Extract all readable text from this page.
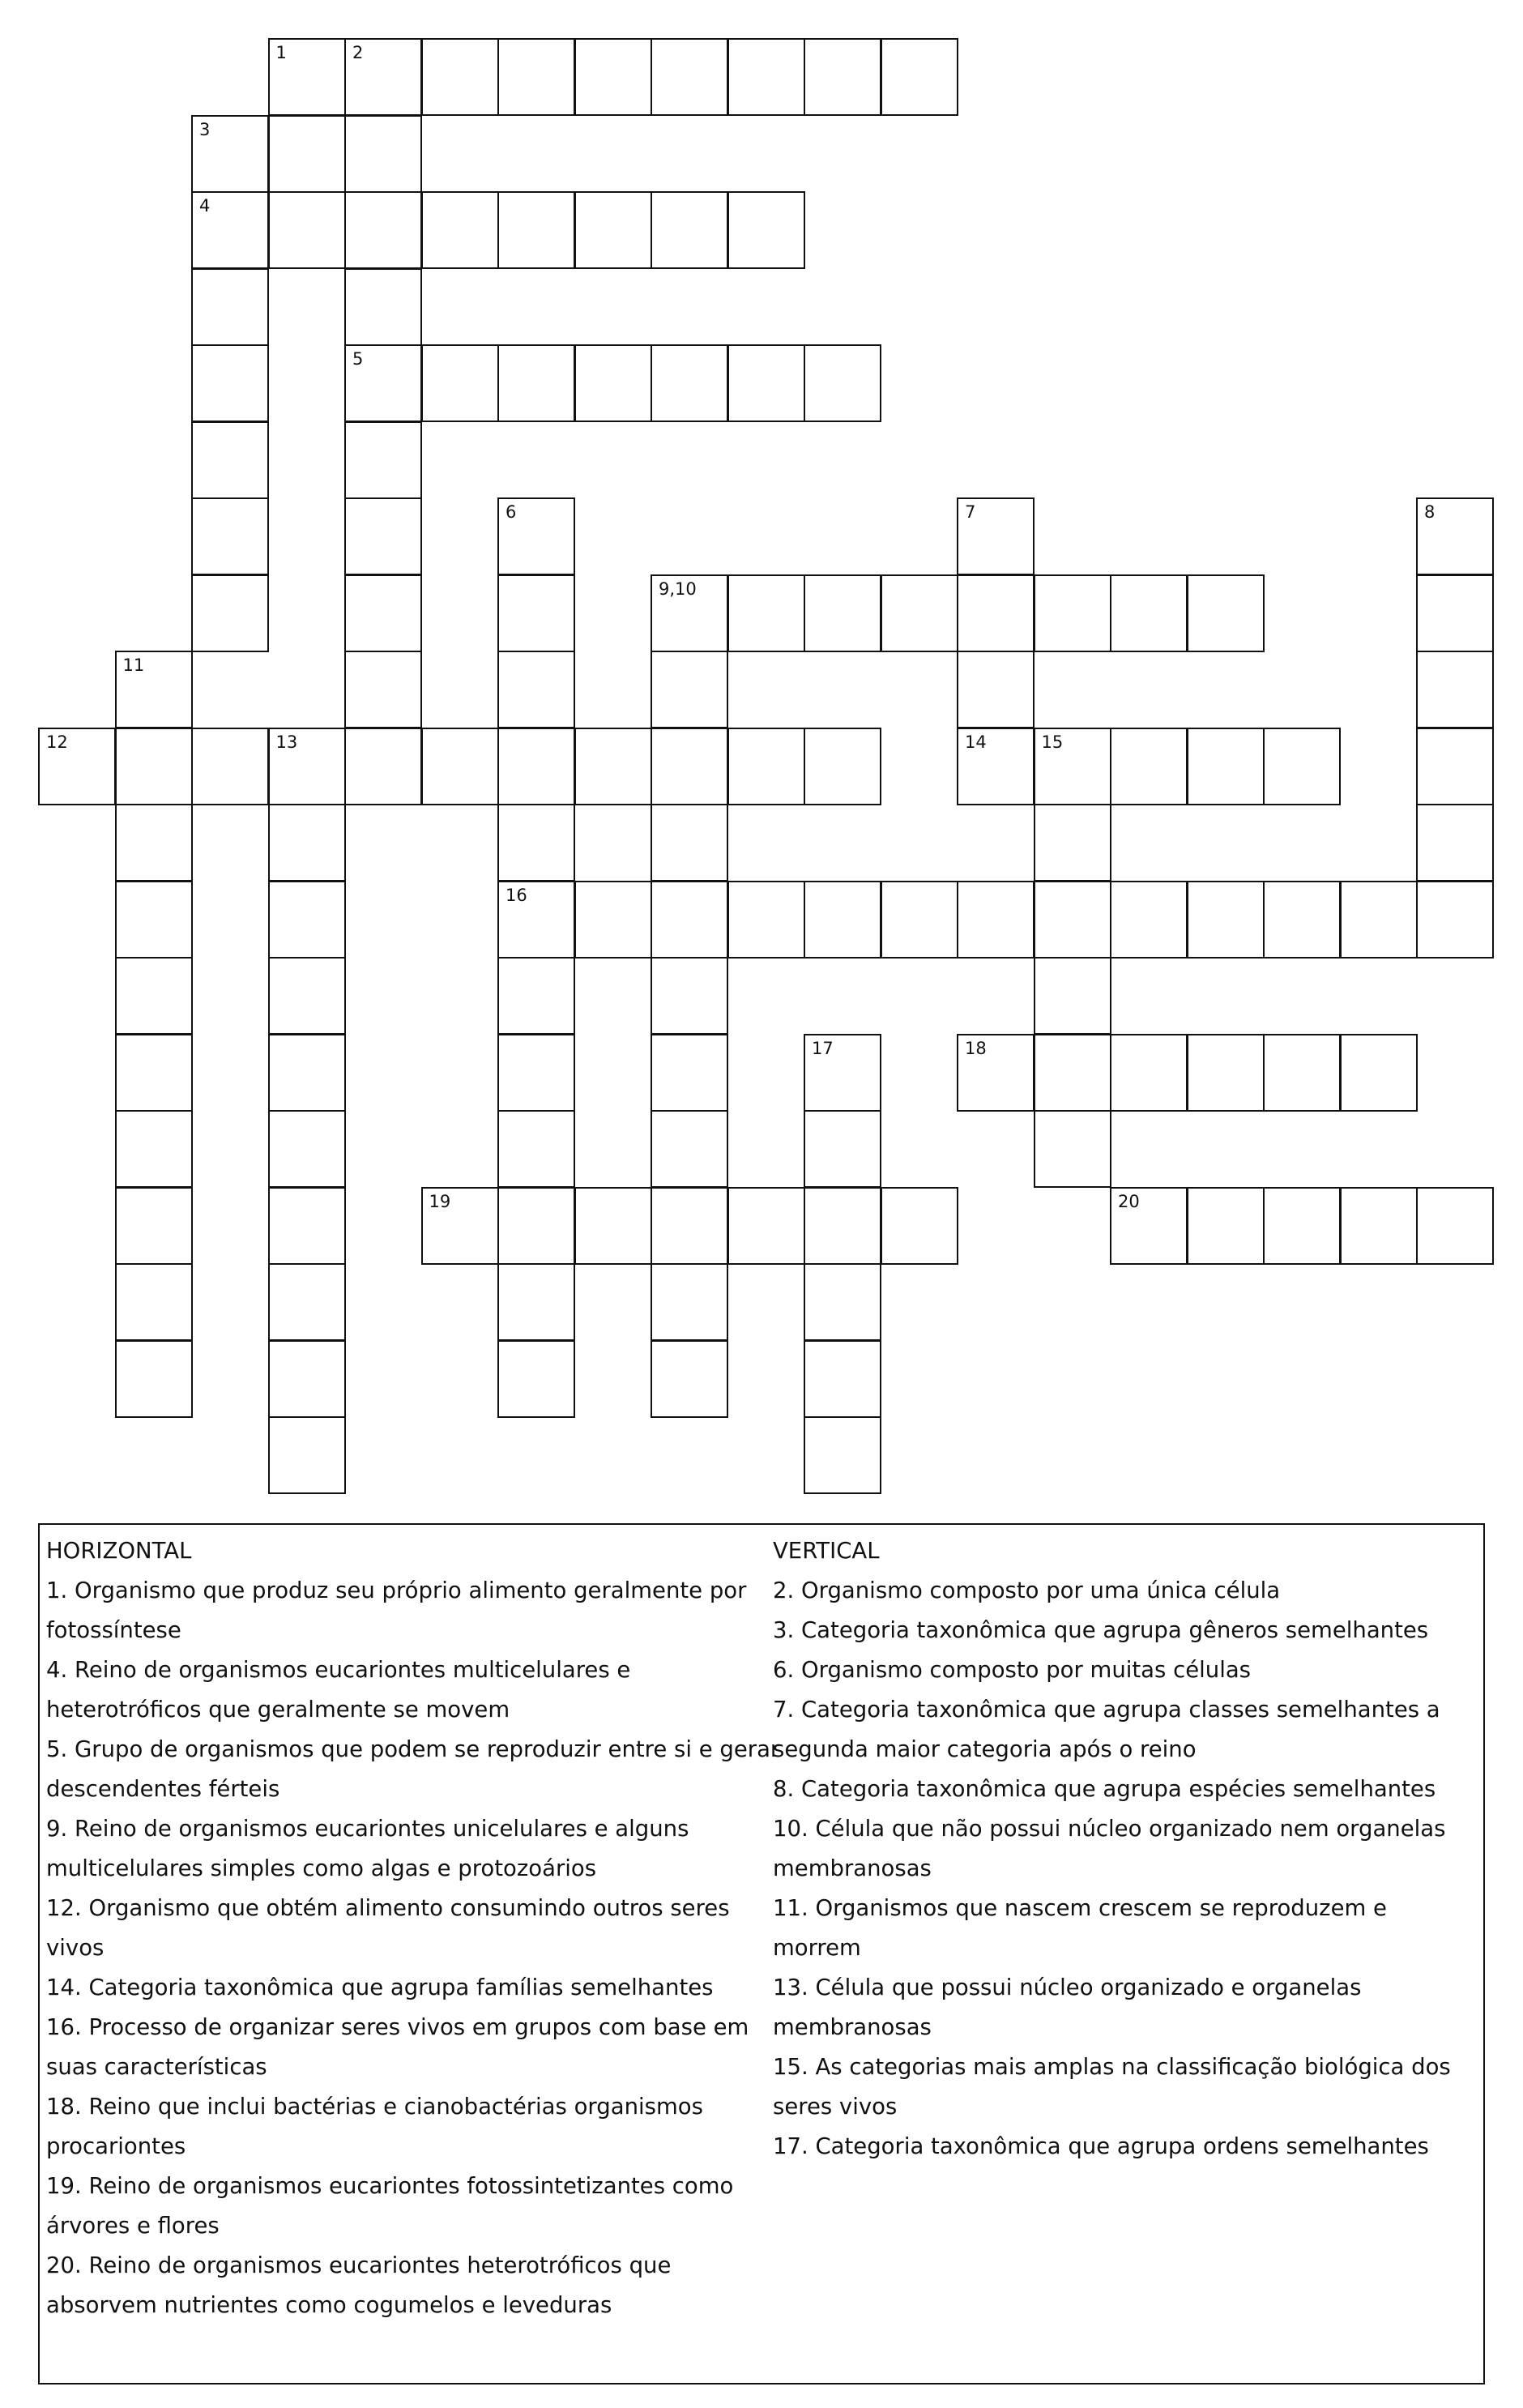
1	2
3
4
5
6	7	8
9,10
11
12	13	14	15
16
17	18
19	20
HORIZONTAL
1. Organismo que produz seu próprio alimento geralmente por
fotossíntese
4. Reino de organismos eucariontes multicelulares e
heterotróficos que geralmente se movem
5. Grupo de organismos que podem se reproduzir entre si e gerar
descendentes férteis
9. Reino de organismos eucariontes unicelulares e alguns
multicelulares simples como algas e protozoários
12. Organismo que obtém alimento consumindo outros seres
vivos
14. Categoria taxonômica que agrupa famílias semelhantes
16. Processo de organizar seres vivos em grupos com base em
suas características
18. Reino que inclui bactérias e cianobactérias organismos
procariontes
19. Reino de organismos eucariontes fotossintetizantes como
árvores e flores
20. Reino de organismos eucariontes heterotróficos que
absorvem nutrientes como cogumelos e leveduras
VERTICAL
2. Organismo composto por uma única célula
3. Categoria taxonômica que agrupa gêneros semelhantes
6. Organismo composto por muitas células
7. Categoria taxonômica que agrupa classes semelhantes a
segunda maior categoria após o reino
8. Categoria taxonômica que agrupa espécies semelhantes
10. Célula que não possui núcleo organizado nem organelas
membranosas
11. Organismos que nascem crescem se reproduzem e morrem
13. Célula que possui núcleo organizado e organelas
membranosas
15. As categorias mais amplas na classificação biológica dos
seres vivos
17. Categoria taxonômica que agrupa ordens semelhantes
